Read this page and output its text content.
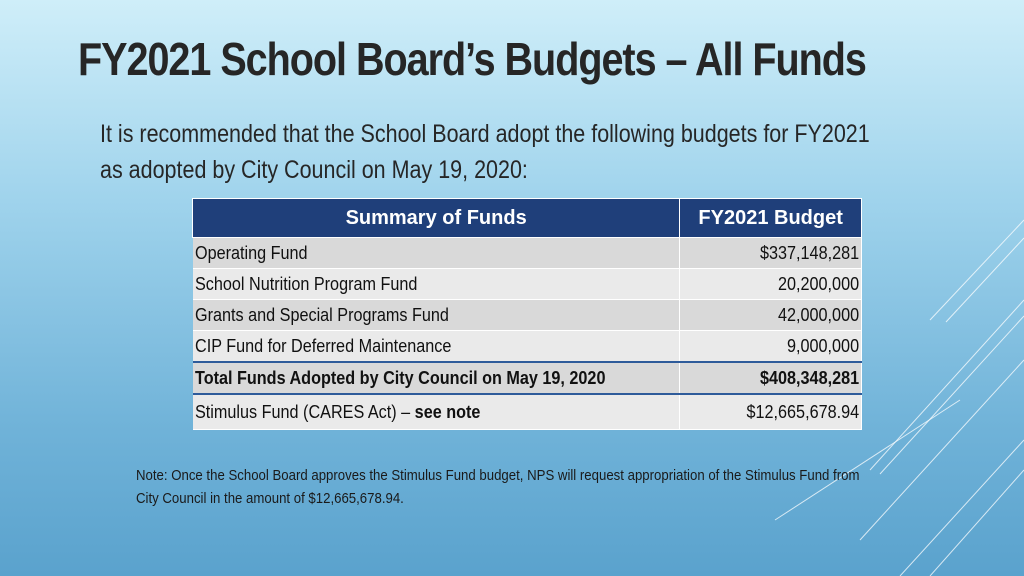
FY2021 School Board’s Budgets – All Funds
It is recommended that the School Board adopt the following budgets for FY2021 as adopted by City Council on May 19, 2020:
Summary of Funds	FY2021 Budget
Operating Fund	$337,148,281
School Nutrition Program Fund	20,200,000
Grants and Special Programs Fund	42,000,000
CIP Fund for Deferred Maintenance	9,000,000
Total Funds Adopted by City Council on May 19, 2020	$408,348,281
Stimulus Fund (CARES Act) – see note	$12,665,678.94
Note: Once the School Board approves the Stimulus Fund budget, NPS will request appropriation of the Stimulus Fund from City Council in the amount of $12,665,678.94.
